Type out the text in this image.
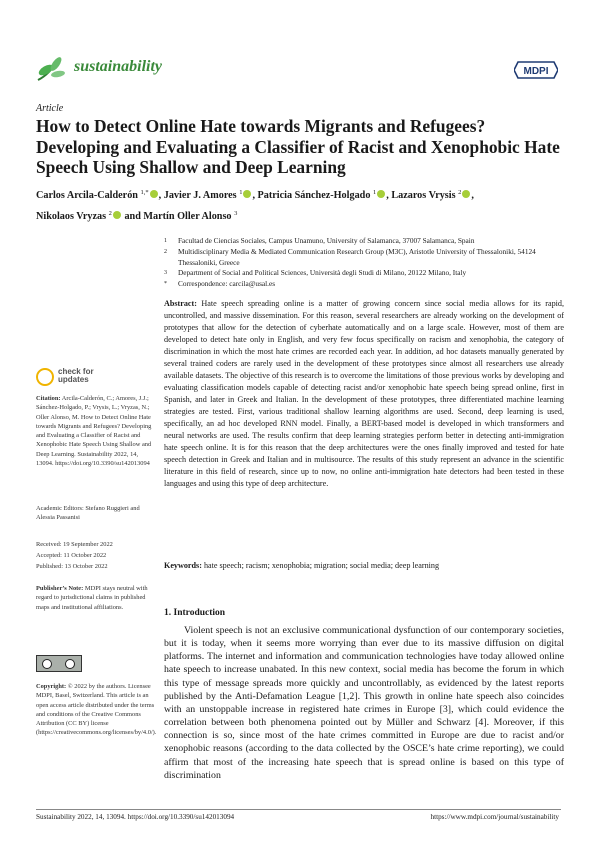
sustainability	MDPI
Article
How to Detect Online Hate towards Migrants and Refugees? Developing and Evaluating a Classifier of Racist and Xenophobic Hate Speech Using Shallow and Deep Learning
Carlos Arcila-Calderón $^{1,*}$ , Javier J. Amores $^1$ , Patricia Sánchez-Holgado $^1$ , Lazaros Vrysis $^2$ ,
Nikolaos Vryzas $^2$ and Martín Oller Alonso $^3$
1	Facultad de Ciencias Sociales, Campus Unamuno, University of Salamanca, 37007 Salamanca, Spain
2	Multidisciplinary Media & Mediated Communication Research Group (M3C), Aristotle University of Thessaloniki, 54124 Thessaloniki, Greece
3	Department of Social and Political Sciences, Università degli Studi di Milano, 20122 Milano, Italy
*	Correspondence: carcila@usal.es

Abstract: Hate speech spreading online is a matter of growing concern since social media allows for its rapid, uncontrolled, and massive dissemination. For this reason, several researchers are already working on the development of prototypes that allow for the detection of cyberhate automatically and on a large scale. However, most of them are developed to detect hate only in English, and very few focus specifically on racism and xenophobia, the category of discrimination in which the most hate crimes are recorded each year. In addition, ad hoc datasets manually generated by several trained coders are rarely used in the development of these prototypes since almost all researchers use already available datasets. The objective of this research is to overcome the limitations of those previous works by developing and evaluating classification models capable of detecting racist and/or xenophobic hate speech being spread online, first in Spanish, and later in Greek and Italian. In the development of these prototypes, three differentiated machine learning strategies are tested. First, various traditional shallow learning algorithms are used. Second, deep learning is used, specifically, an ad hoc developed RNN model. Finally, a BERT-based model is developed in which transformers and neural networks are used. The results confirm that deep learning strategies perform better in detecting anti-immigration hate speech online. It is for this reason that the deep architectures were the ones finally improved and tested for hate speech detection in Greek and Italian and in multisource. The results of this study represent an advance in the scientific literature in this field of research, since up to now, no online anti-immigration hate detectors had been tested in these languages and using this type of deep architecture.

Keywords: hate speech; racism; xenophobia; migration; social media; deep learning

check for
updates
Citation: Arcila-Calderón, C.; Amores, J.J.; Sánchez-Holgado, P.; Vrysis, L.; Vryzas, N.; Oller Alonso, M. How to Detect Online Hate towards Migrants and Refugees? Developing and Evaluating a Classifier of Racist and Xenophobic Hate Speech Using Shallow and Deep Learning. Sustainability 2022, 14, 13094. https://doi.org/10.3390/su142013094
Academic Editors: Stefano Ruggieri and Alessia Passanisi
Received: 19 September 2022
Accepted: 11 October 2022
Published: 13 October 2022
Publisher’s Note: MDPI stays neutral with regard to jurisdictional claims in published maps and institutional affiliations.
Copyright: © 2022 by the authors. Licensee MDPI, Basel, Switzerland. This article is an open access article distributed under the terms and conditions of the Creative Commons Attribution (CC BY) license (https://creativecommons.org/licenses/by/4.0/).
1. Introduction

Violent speech is not an exclusive communicational dysfunction of our contemporary societies, but it is today, when it seems more worrying than ever due to its massive diffusion on digital platforms. The internet and information and communication technologies have today allowed online hate speech to increase unabated. In this new context, social media has become the forum in which this type of message spreads more quickly and uncontrollably, as evidenced by the latest reports published by the Anti-Defamation League [1,2]. This growth in online hate speech also coincides with an unstoppable increase in registered hate crimes in Europe [3], which could evidence the correlation between both phenomena pointed out by Müller and Schwarz [4]. Moreover, if this connection is so, since most of the hate crimes committed in Europe are due to racist and/or xenophobic reasons (according to the data collected by the OSCE’s hate crime reporting), we could affirm that most of the increasing hate speech that is spread online is based on this type of discrimination

Sustainability 2022, 14, 13094. https://doi.org/10.3390/su142013094	https://www.mdpi.com/journal/sustainability
